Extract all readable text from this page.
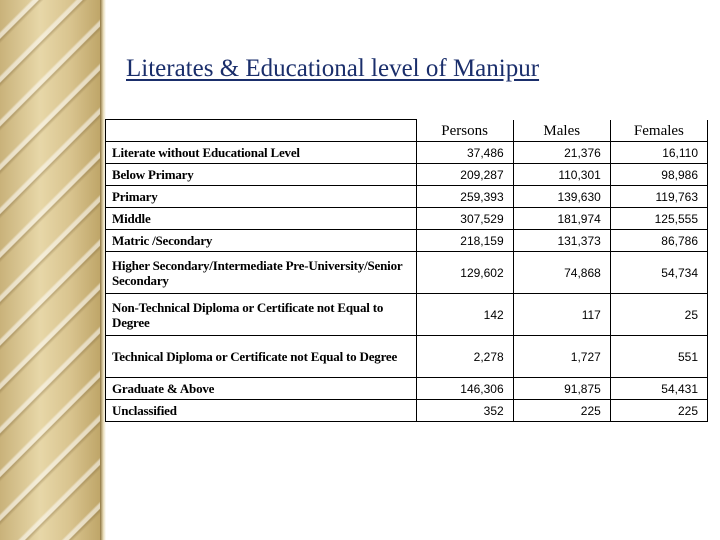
Literates & Educational level of Manipur
	Persons	Males	Females
Literate without Educational Level	37,486	21,376	16,110
Below Primary	209,287	110,301	98,986
Primary	259,393	139,630	119,763
Middle	307,529	181,974	125,555
Matric /Secondary	218,159	131,373	86,786
Higher Secondary/Intermediate Pre-University/Senior Secondary	129,602	74,868	54,734
Non-Technical Diploma or Certificate not Equal to Degree	142	117	25
Technical Diploma or Certificate not Equal to Degree	2,278	1,727	551
Graduate & Above	146,306	91,875	54,431
Unclassified	352	225	225
